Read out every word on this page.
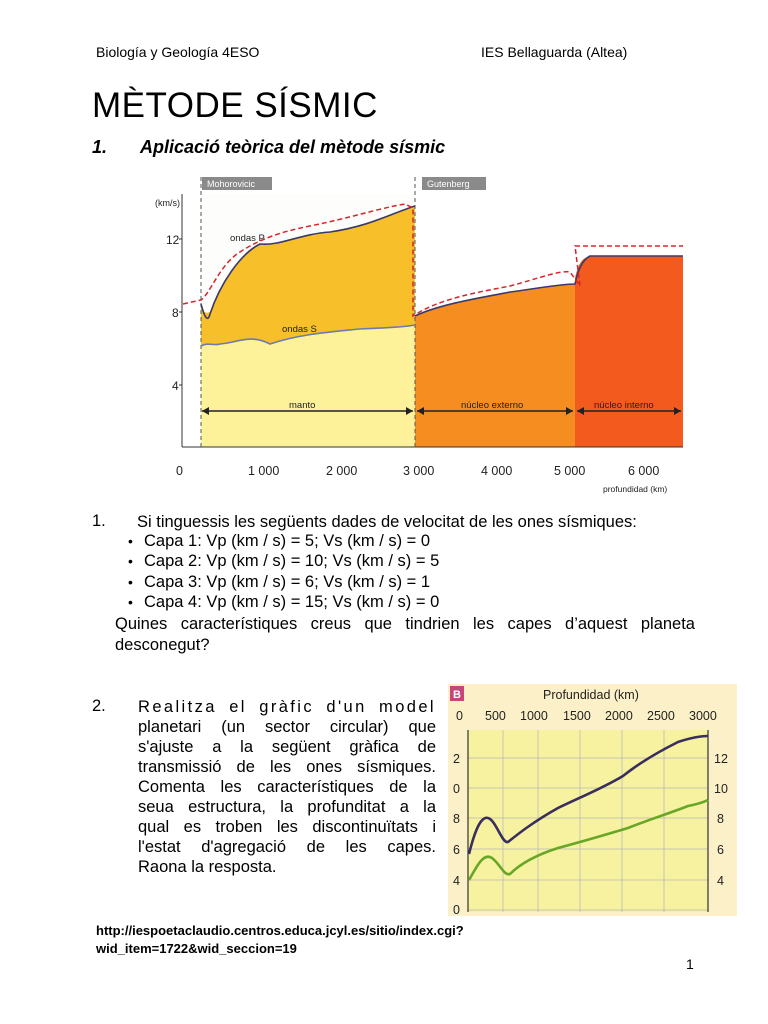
Biología y Geología 4ESO	IES Bellaguarda (Altea)
MÈTODE SÍSMIC
1. Aplicació teòrica del mètode sísmic
(km/s)
12
8
4
0	1 000	2 000	3 000	4 000	5 000	6 000
profundidad (km)
Mohorovicic	Gutenberg
ondas P
ondas S
manto	núcleo externo	núcleo interno
1. Si tinguessis les següents dades de velocitat de les ones sísmiques:
• Capa 1: Vp (km / s) = 5; Vs (km / s) = 0
• Capa 2: Vp (km / s) = 10; Vs (km / s) = 5
• Capa 3: Vp (km / s) = 6; Vs (km / s) = 1
• Capa 4: Vp (km / s) = 15; Vs (km / s) = 0
Quines característiques creus que tindrien les capes d’aquest planeta
desconegut?
2. Realitza el gràfic d'un model
planetari (un sector circular) que
s'ajuste a la següent gràfica de
transmissió de les ones sísmiques.
Comenta les característiques de la
seua estructura, la profunditat a la
qual es troben les discontinuïtats i
l'estat d'agregació de les capes.
Raona la resposta.
B	Profundidad (km)
0 500 1000 1500 2000 2500 3000
2
0
8
6
4
0
12
10
8
6
4
http://iespoetaclaudio.centros.educa.jcyl.es/sitio/index.cgi?
wid_item=1722&wid_seccion=19
1
